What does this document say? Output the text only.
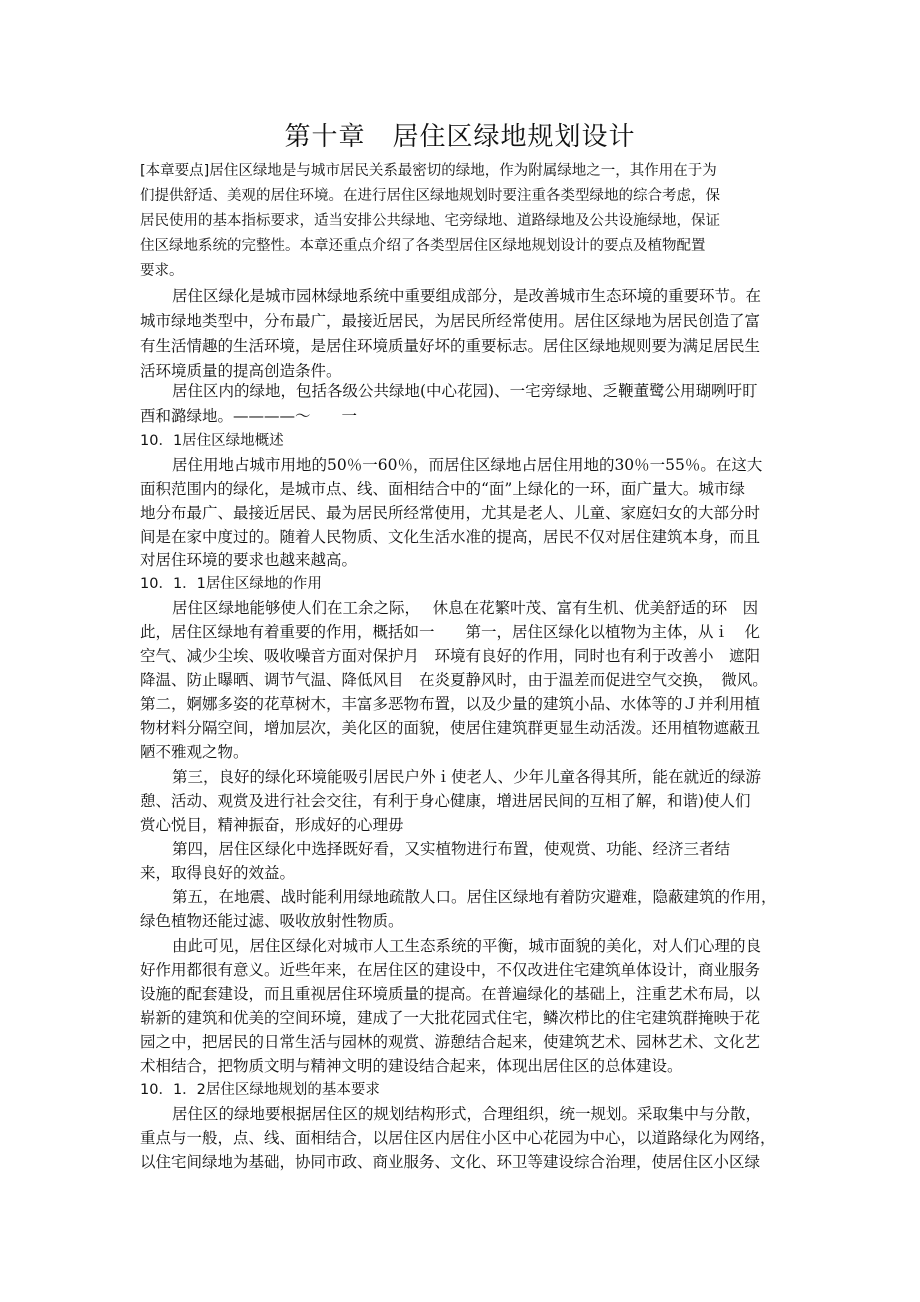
第十章　居住区绿地规划设计

[本章要点]居住区绿地是与城市居民关系最密切的绿地，作为附属绿地之一，其作用在于为

们提供舒适、美观的居住环境。在进行居住区绿地规划时要注重各类型绿地的综合考虑，保

居民使用的基本指标要求，适当安排公共绿地、宅旁绿地、道路绿地及公共设施绿地，保证

住区绿地系统的完整性。本章还重点介绍了各类型居住区绿地规划设计的要点及植物配置

要求。

居住区绿化是城市园林绿地系统中重要组成部分，是改善城市生态环境的重要环节。在

城市绿地类型中，分布最广，最接近居民，为居民所经常使用。居住区绿地为居民创造了富

有生活情趣的生活环境，是居住环境质量好坏的重要标志。居住区绿地规则要为满足居民生

活环境质量的提高创造条件。

居住区内的绿地，包括各级公共绿地(中心花园)、一宅旁绿地、乏鞭董鹭公用瑚咧吁盯

酉和潞绿地。————～　　一

10．1居住区绿地概述

居住用地占城市用地的50％一60％，而居住区绿地占居住用地的30％一55％。在这大

面积范围内的绿化，是城市点、线、面相结合中的“面”上绿化的一环，面广量大。城市绿

地分布最广、最接近居民、最为居民所经常使用，尤其是老人、儿童、家庭妇女的大部分时

间是在家中度过的。随着人民物质、文化生活水准的提高，居民不仅对居住建筑本身，而且

对居住环境的要求也越来越高。

10．1．1居住区绿地的作用

居住区绿地能够使人们在工余之际，　 休息在花繁叶茂、富有生机、优美舒适的环　因

此，居住区绿地有着重要的作用，概括如一　　第一，居住区绿化以植物为主体，从ｉ　化

空气、减少尘埃、吸收噪音方面对保护月　环境有良好的作用，同时也有利于改善小　遮阳

降温、防止曝晒、调节气温、降低风目　在炎夏静风时，由于温差而促进空气交换，　微风。

第二，婀娜多姿的花草树木，丰富多恶物布置，以及少量的建筑小品、水体等的Ｊ并利用植

物材料分隔空间，增加层次，美化区的面貌，使居住建筑群更显生动活泼。还用植物遮蔽丑

陋不雅观之物。

第三，良好的绿化环境能吸引居民户外ｉ使老人、少年儿童各得其所，能在就近的绿游

憩、活动、观赏及进行社会交往，有利于身心健康，增进居民间的互相了解，和谐)使人们

赏心悦目，精神振奋，形成好的心理毋

第四，居住区绿化中选择既好看，又实植物进行布置，使观赏、功能、经济三者结

来，取得良好的效益。

第五，在地震、战时能利用绿地疏散人口。居住区绿地有着防灾避难，隐蔽建筑的作用，

绿色植物还能过滤、吸收放射性物质。

由此可见，居住区绿化对城市人工生态系统的平衡，城市面貌的美化，对人们心理的良

好作用都很有意义。近些年来，在居住区的建设中，不仅改进住宅建筑单体设计，商业服务

设施的配套建设，而且重视居住环境质量的提高。在普遍绿化的基础上，注重艺术布局，以

崭新的建筑和优美的空间环境，建成了一大批花园式住宅，鳞次栉比的住宅建筑群掩映于花

园之中，把居民的日常生活与园林的观赏、游憩结合起来，使建筑艺术、园林艺术、文化艺

术相结合，把物质文明与精神文明的建设结合起来，体现出居住区的总体建设。

10．1．2居住区绿地规划的基本要求

居住区的绿地要根据居住区的规划结构形式，合理组织，统一规划。采取集中与分散，

重点与一般，点、线、面相结合，以居住区内居住小区中心花园为中心，以道路绿化为网络，

以住宅间绿地为基础，协同市政、商业服务、文化、环卫等建设综合治理，使居住区小区绿
